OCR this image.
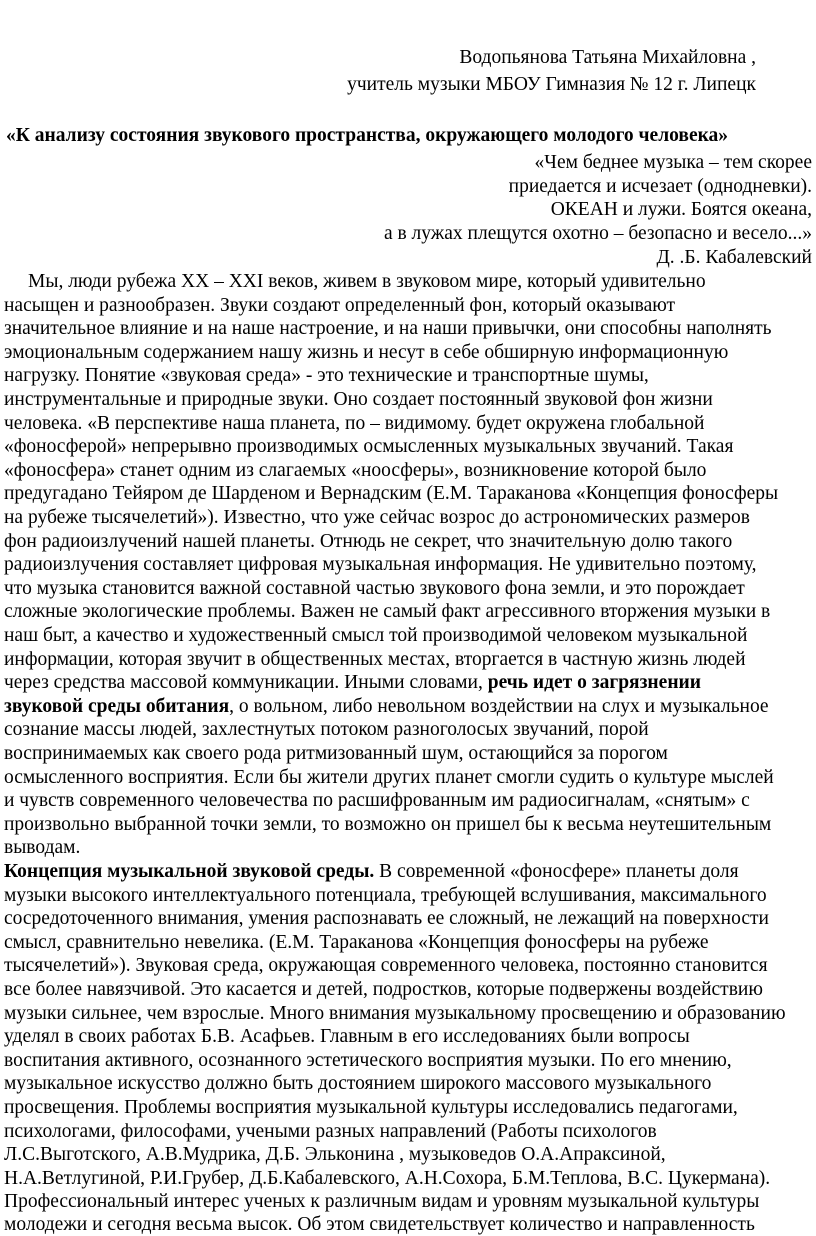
Водопьянова Татьяна Михайловна ,
учитель музыки МБОУ Гимназия № 12 г. Липецк
«К анализу состояния звукового пространства, окружающего молодого человека»
«Чем беднее музыка – тем скорее
приедается и исчезает (однодневки).
ОКЕАН и лужи. Боятся океана,
а в лужах плещутся охотно – безопасно и весело...»
Д. .Б. Кабалевский
Мы, люди рубежа XX – XXI веков, живем в звуковом мире, который удивительно
насыщен и разнообразен. Звуки создают определенный фон, который оказывают
значительное влияние и на наше настроение, и на наши привычки, они способны наполнять
эмоциональным содержанием нашу жизнь и несут в себе обширную информационную
нагрузку. Понятие «звуковая среда» - это технические и транспортные шумы,
инструментальные и природные звуки. Оно создает постоянный звуковой фон жизни
человека. «В перспективе наша планета, по – видимому. будет окружена глобальной
«фоносферой» непрерывно производимых осмысленных музыкальных звучаний. Такая
«фоносфера» станет одним из слагаемых «ноосферы», возникновение которой было
предугадано Тейяром де Шарденом и Вернадским (Е.М. Тараканова «Концепция фоносферы
на рубеже тысячелетий»). Известно, что уже сейчас возрос до астрономических размеров
фон радиоизлучений нашей планеты. Отнюдь не секрет, что значительную долю такого
радиоизлучения составляет цифровая музыкальная информация. Не удивительно поэтому,
что музыка становится важной составной частью звукового фона земли, и это порождает
сложные экологические проблемы. Важен не самый факт агрессивного вторжения музыки в
наш быт, а качество и художественный смысл той производимой человеком музыкальной
информации, которая звучит в общественных местах, вторгается в частную жизнь людей
через средства массовой коммуникации. Иными словами, речь идет о загрязнении
звуковой среды обитания, о вольном, либо невольном воздействии на слух и музыкальное
сознание массы людей, захлестнутых потоком разноголосых звучаний, порой
воспринимаемых как своего рода ритмизованный шум, остающийся за порогом
осмысленного восприятия. Если бы жители других планет смогли судить о культуре мыслей
и чувств современного человечества по расшифрованным им радиосигналам, «снятым» с
произвольно выбранной точки земли, то возможно он пришел бы к весьма неутешительным
выводам.
Концепция музыкальной звуковой среды. В современной «фоносфере» планеты доля
музыки высокого интеллектуального потенциала, требующей вслушивания, максимального
сосредоточенного внимания, умения распознавать ее сложный, не лежащий на поверхности
смысл, сравнительно невелика. (Е.М. Тараканова «Концепция фоносферы на рубеже
тысячелетий»). Звуковая среда, окружающая современного человека, постоянно становится
все более навязчивой. Это касается и детей, подростков, которые подвержены воздействию
музыки сильнее, чем взрослые. Много внимания музыкальному просвещению и образованию
уделял в своих работах Б.В. Асафьев. Главным в его исследованиях были вопросы
воспитания активного, осознанного эстетического восприятия музыки. По его мнению,
музыкальное искусство должно быть достоянием широкого массового музыкального
просвещения. Проблемы восприятия музыкальной культуры исследовались педагогами,
психологами, философами, учеными разных направлений (Работы психологов
Л.С.Выготского, А.В.Мудрика, Д.Б. Эльконина , музыковедов О.А.Апраксиной,
Н.А.Ветлугиной, Р.И.Грубер, Д.Б.Кабалевского, А.Н.Сохора, Б.М.Теплова, В.С. Цукермана).
Профессиональный интерес ученых к различным видам и уровням музыкальной культуры
молодежи и сегодня весьма высок. Об этом свидетельствует количество и направленность
